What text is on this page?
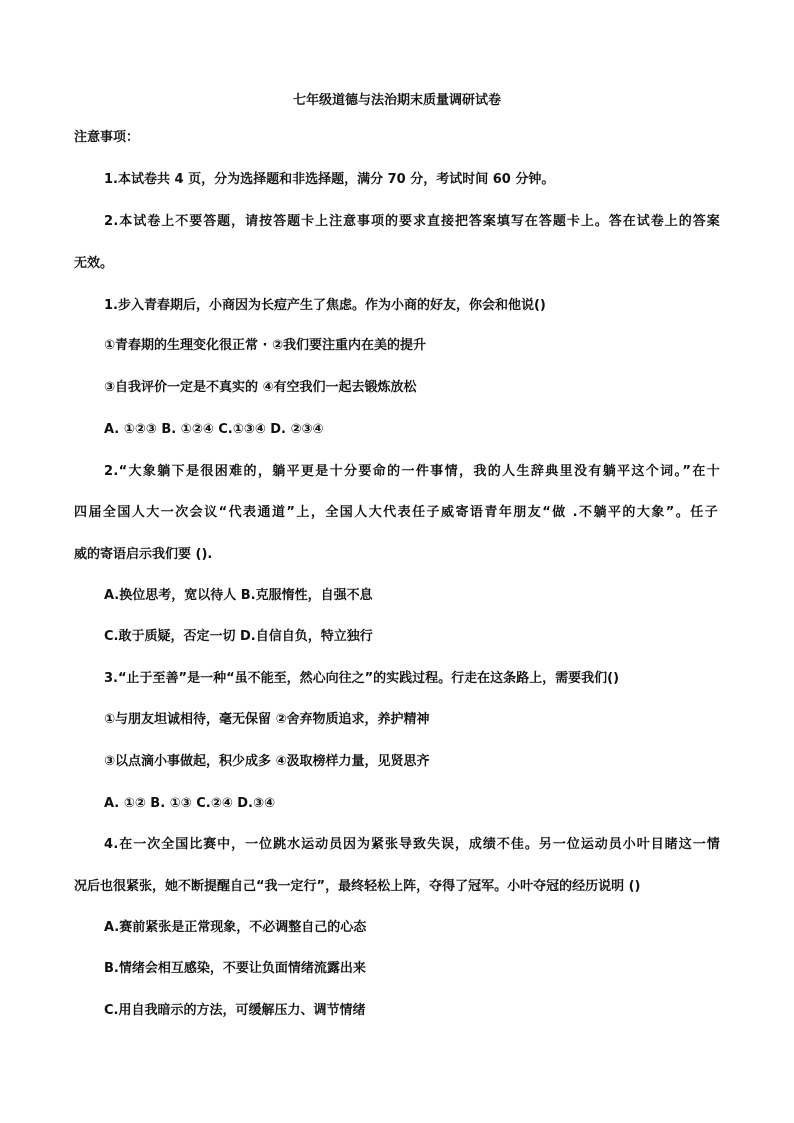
七年级道德与法治期末质量调研试卷
注意事项：
1.本试卷共 4 页，分为选择题和非选择题，满分 70 分，考试时间 60 分钟。
2.本试卷上不要答题，请按答题卡上注意事项的要求直接把答案填写在答题卡上。答在试卷上的答案
无效。
1.步入青春期后，小商因为长痘产生了焦虑。作为小商的好友，你会和他说()
①青春期的生理变化很正常 · ②我们要注重内在美的提升
③自我评价一定是不真实的 ④有空我们一起去锻炼放松
A. ①②③ B. ①②④ C.①③④ D. ②③④
2.“大象躺下是很困难的，躺平更是十分要命的一件事情，我的人生辞典里没有躺平这个词。”在十
四届全国人大一次会议“代表通道”上，全国人大代表任子威寄语青年朋友“做 .不躺平的大象”。任子
威的寄语启示我们要 ().
A.换位思考，宽以待人 B.克服惰性，自强不息
C.敢于质疑，否定一切 D.自信自负，特立独行
3.“止于至善”是一种“虽不能至，然心向往之”的实践过程。行走在这条路上，需要我们()
①与朋友坦诚相待，毫无保留 ②舍弃物质追求，养护精神
③以点滴小事做起，积少成多 ④汲取榜样力量，见贤思齐
A. ①② B. ①③ C.②④ D.③④
4.在一次全国比赛中，一位跳水运动员因为紧张导致失误，成绩不佳。另一位运动员小叶目睹这一情
况后也很紧张，她不断提醒自己“我一定行”，最终轻松上阵，夺得了冠军。小叶夺冠的经历说明 ()
A.赛前紧张是正常现象，不必调整自己的心态
B.情绪会相互感染，不要让负面情绪流露出来
C.用自我暗示的方法，可缓解压力、调节情绪
